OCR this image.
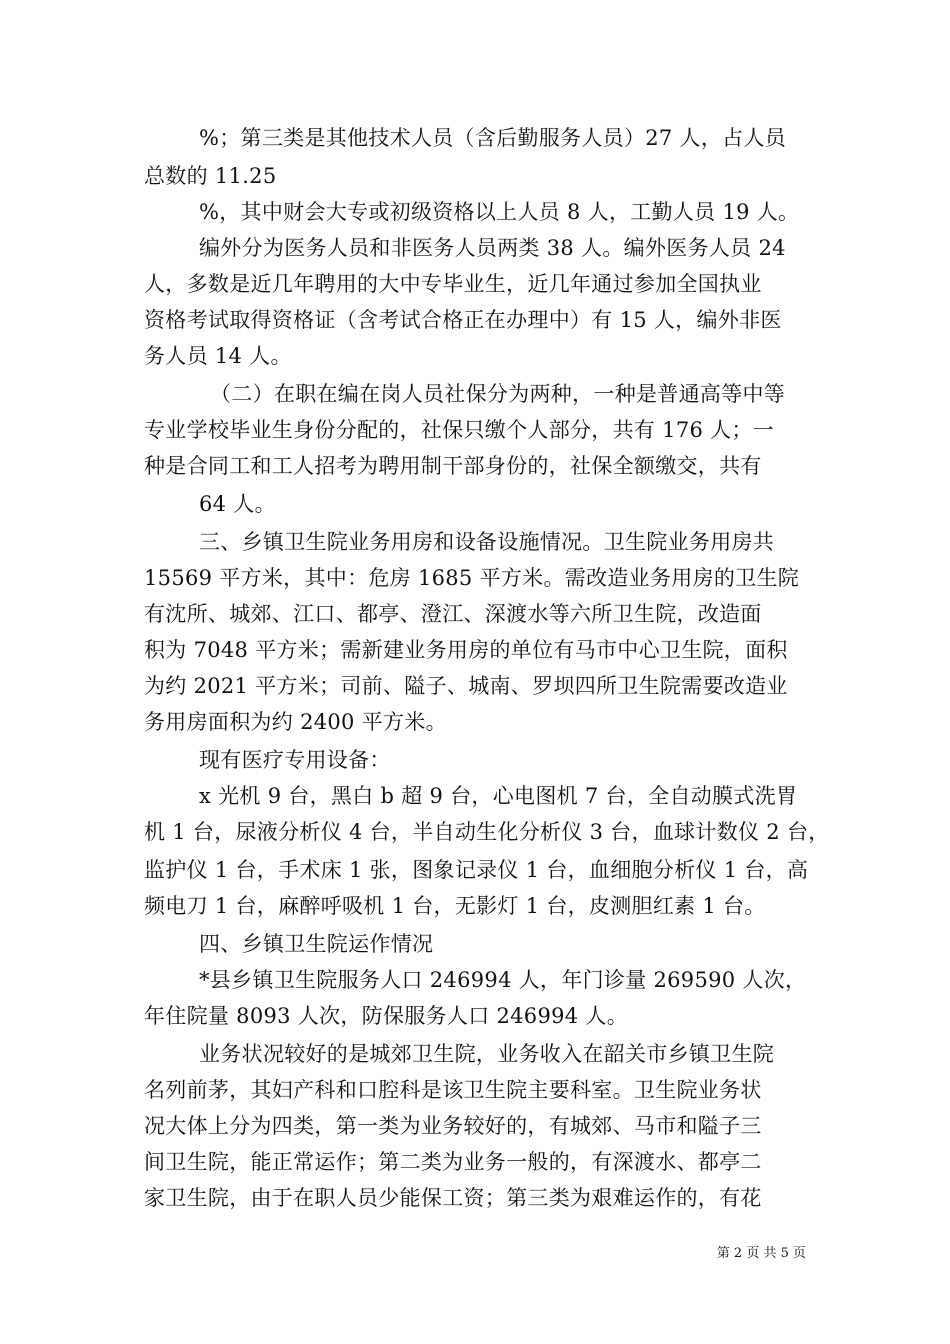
%；第三类是其他技术人员（含后勤服务人员）27 人，占人员
总数的 11.25
%，其中财会大专或初级资格以上人员 8 人，工勤人员 19 人。
编外分为医务人员和非医务人员两类 38 人。编外医务人员 24
人，多数是近几年聘用的大中专毕业生，近几年通过参加全国执业
资格考试取得资格证（含考试合格正在办理中）有 15 人，编外非医
务人员 14 人。
（二）在职在编在岗人员社保分为两种，一种是普通高等中等
专业学校毕业生身份分配的，社保只缴个人部分，共有 176 人；一
种是合同工和工人招考为聘用制干部身份的，社保全额缴交，共有
64 人。
三、乡镇卫生院业务用房和设备设施情况。卫生院业务用房共
15569 平方米，其中：危房 1685 平方米。需改造业务用房的卫生院
有沈所、城郊、江口、都亭、澄江、深渡水等六所卫生院，改造面
积为 7048 平方米；需新建业务用房的单位有马市中心卫生院，面积
为约 2021 平方米；司前、隘子、城南、罗坝四所卫生院需要改造业
务用房面积为约 2400 平方米。
现有医疗专用设备：
x 光机 9 台，黑白 b 超 9 台，心电图机 7 台，全自动膜式洗胃
机 1 台，尿液分析仪 4 台，半自动生化分析仪 3 台，血球计数仪 2 台，
监护仪 1 台，手术床 1 张，图象记录仪 1 台，血细胞分析仪 1 台，高
频电刀 1 台，麻醉呼吸机 1 台，无影灯 1 台，皮测胆红素 1 台。
四、乡镇卫生院运作情况
*县乡镇卫生院服务人口 246994 人，年门诊量 269590 人次，
年住院量 8093 人次，防保服务人口 246994 人。
业务状况较好的是城郊卫生院，业务收入在韶关市乡镇卫生院
名列前茅，其妇产科和口腔科是该卫生院主要科室。卫生院业务状
况大体上分为四类，第一类为业务较好的，有城郊、马市和隘子三
间卫生院，能正常运作；第二类为业务一般的，有深渡水、都亭二
家卫生院，由于在职人员少能保工资；第三类为艰难运作的，有花
第 2 页 共 5 页
